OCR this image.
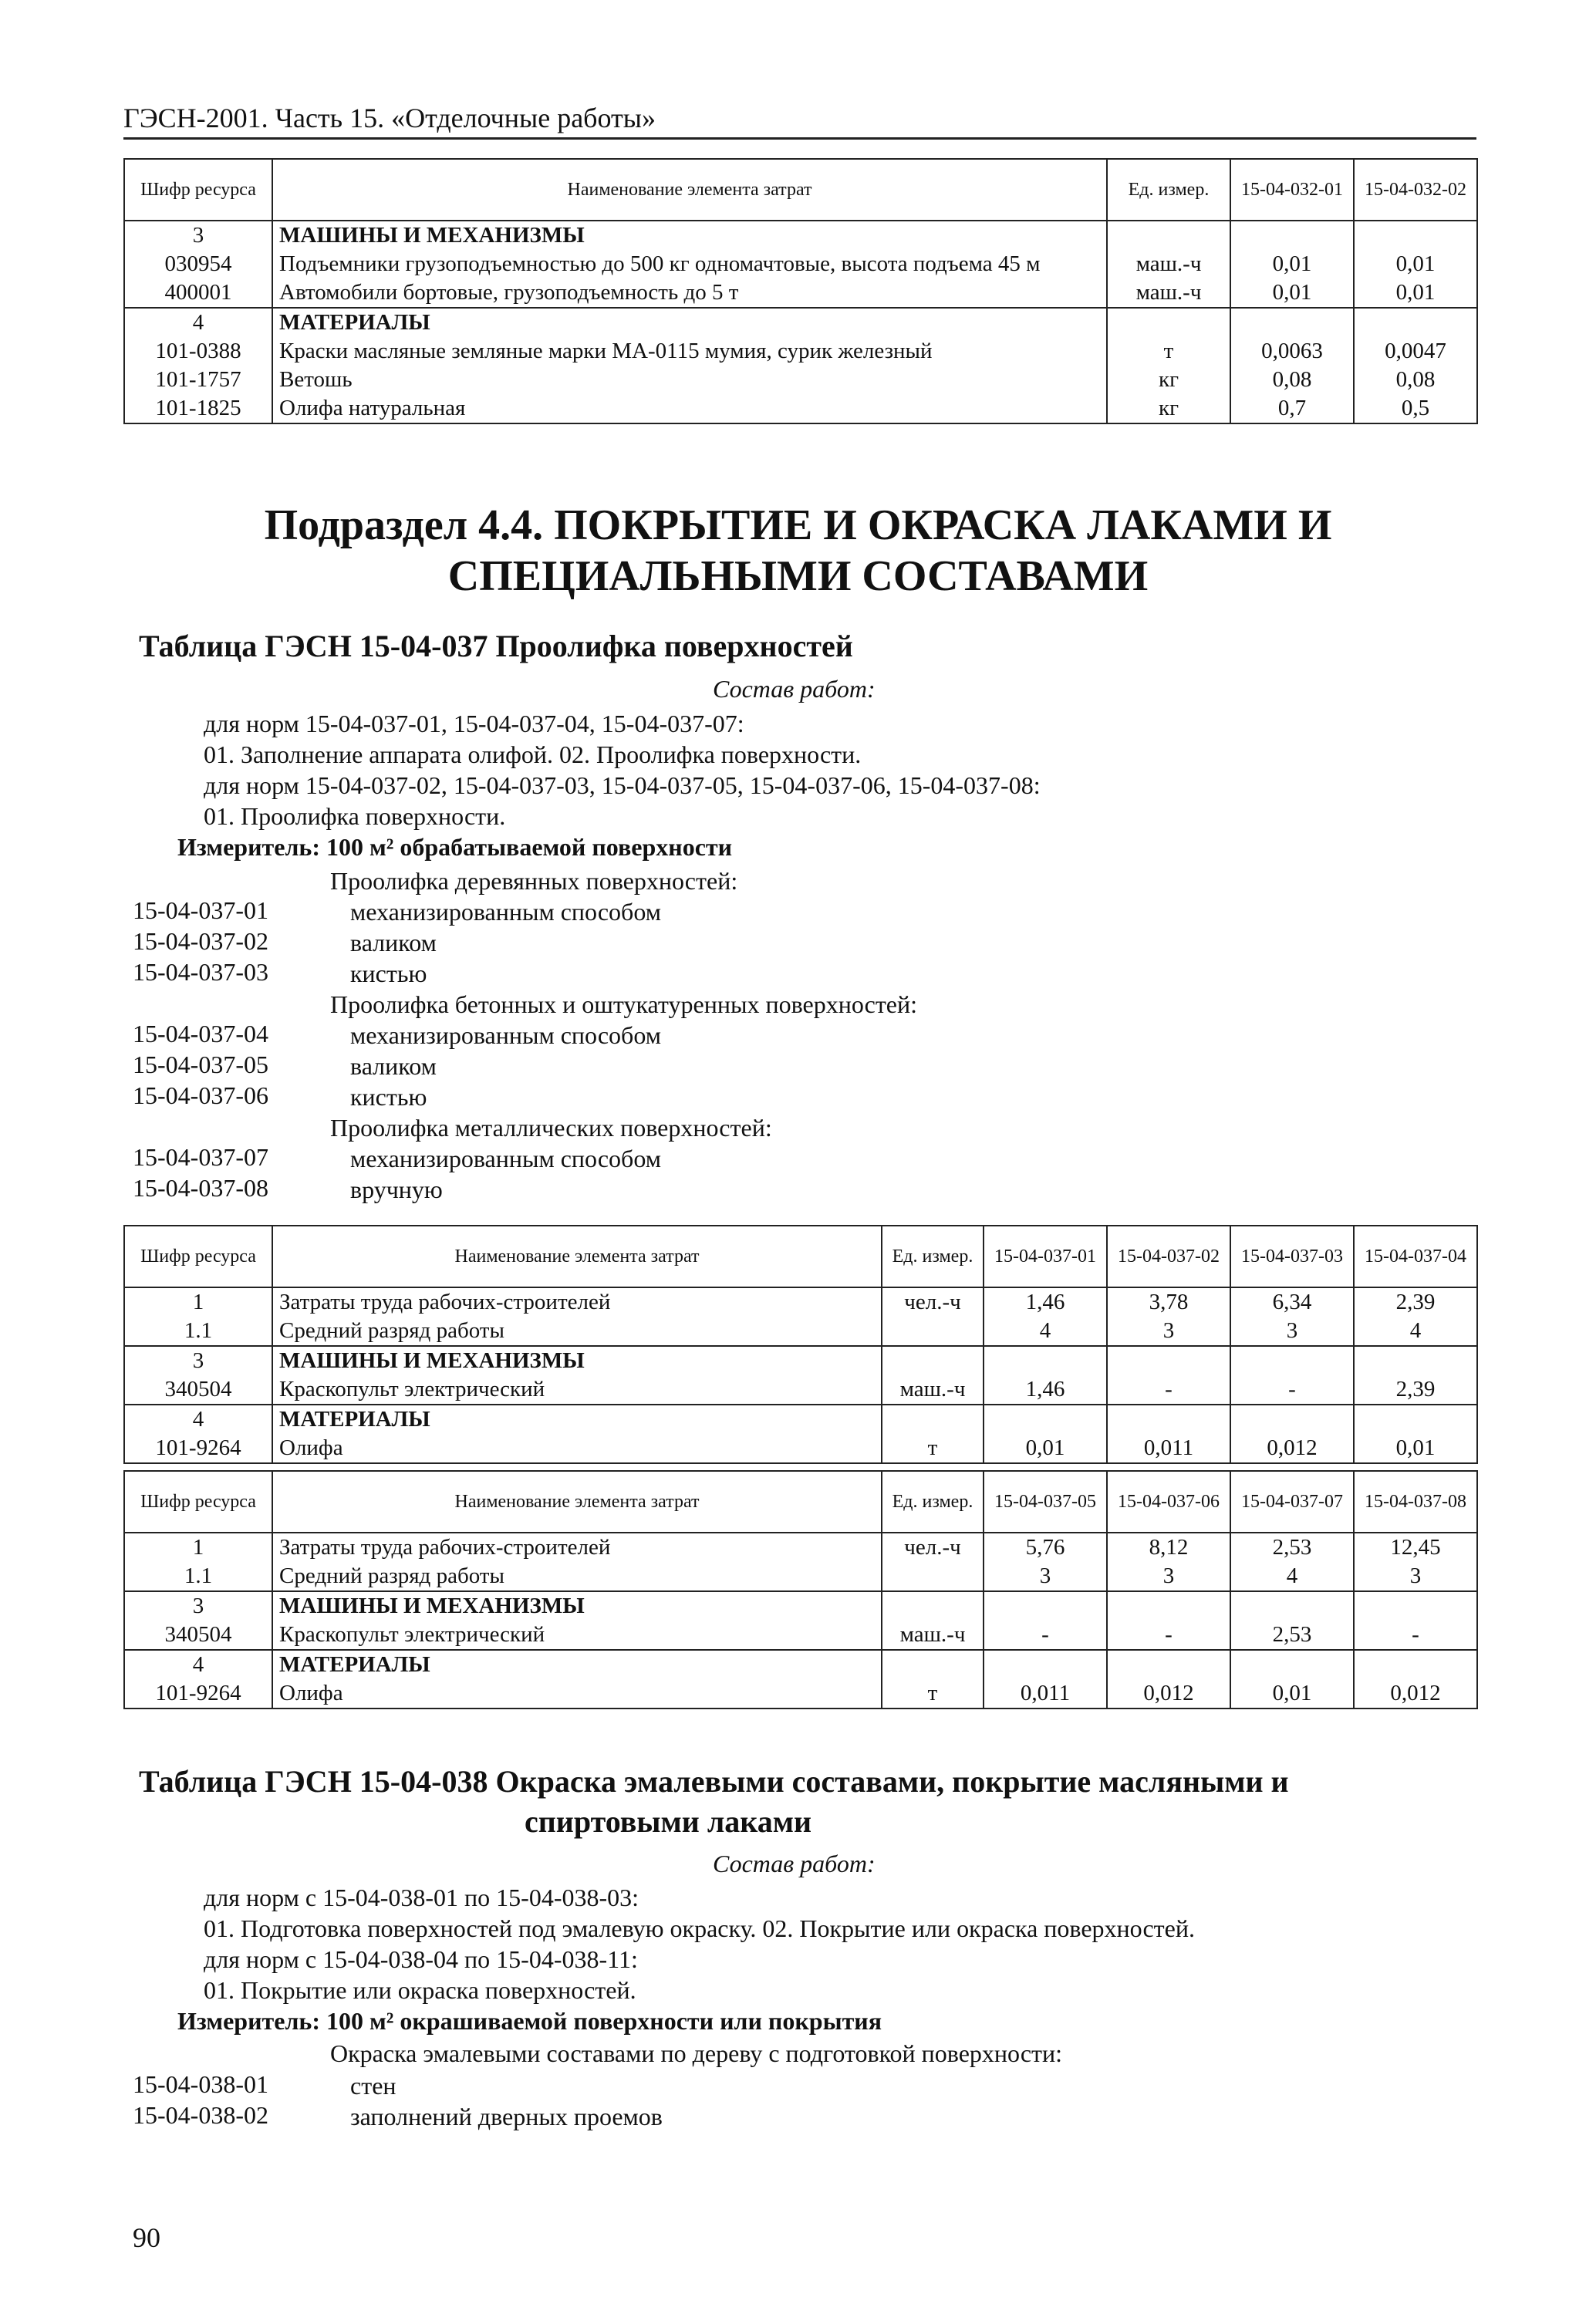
ГЭСН-2001. Часть 15. «Отделочные работы»
Шифр ресурса	Наименование элемента затрат	Ед. измер.	15-04-032-01	15-04-032-02
3	МАШИНЫ И МЕХАНИЗМЫ			
030954	Подъемники грузоподъемностью до 500 кг одномачтовые, высота подъема 45 м	маш.-ч	0,01	0,01
400001	Автомобили бортовые, грузоподъемность до 5 т	маш.-ч	0,01	0,01
4	МАТЕРИАЛЫ			
101-0388	Краски масляные земляные марки МА-0115 мумия, сурик железный	т	0,0063	0,0047
101-1757	Ветошь	кг	0,08	0,08
101-1825	Олифа натуральная	кг	0,7	0,5
Подраздел 4.4. ПОКРЫТИЕ И ОКРАСКА ЛАКАМИ И
СПЕЦИАЛЬНЫМИ СОСТАВАМИ
Таблица ГЭСН 15-04-037 Проолифка поверхностей
Состав работ:
для норм 15-04-037-01, 15-04-037-04, 15-04-037-07:
01. Заполнение аппарата олифой. 02. Проолифка поверхности.
для норм 15-04-037-02, 15-04-037-03, 15-04-037-05, 15-04-037-06, 15-04-037-08:
01. Проолифка поверхности.
Измеритель: 100 м² обрабатываемой поверхности
Проолифка деревянных поверхностей:
15-04-037-01	механизированным способом
15-04-037-02	валиком
15-04-037-03	кистью
Проолифка бетонных и оштукатуренных поверхностей:
15-04-037-04	механизированным способом
15-04-037-05	валиком
15-04-037-06	кистью
Проолифка металлических поверхностей:
15-04-037-07	механизированным способом
15-04-037-08	вручную
Шифр ресурса	Наименование элемента затрат	Ед. измер.	15-04-037-01	15-04-037-02	15-04-037-03	15-04-037-04
1	Затраты труда рабочих-строителей	чел.-ч	1,46	3,78	6,34	2,39
1.1	Средний разряд работы		4	3	3	4
3	МАШИНЫ И МЕХАНИЗМЫ					
340504	Краскопульт электрический	маш.-ч	1,46	-	-	2,39
4	МАТЕРИАЛЫ					
101-9264	Олифа	т	0,01	0,011	0,012	0,01
Шифр ресурса	Наименование элемента затрат	Ед. измер.	15-04-037-05	15-04-037-06	15-04-037-07	15-04-037-08
1	Затраты труда рабочих-строителей	чел.-ч	5,76	8,12	2,53	12,45
1.1	Средний разряд работы		3	3	4	3
3	МАШИНЫ И МЕХАНИЗМЫ					
340504	Краскопульт электрический	маш.-ч	-	-	2,53	-
4	МАТЕРИАЛЫ					
101-9264	Олифа	т	0,011	0,012	0,01	0,012
Таблица ГЭСН 15-04-038 Окраска эмалевыми составами, покрытие масляными и
спиртовыми лаками
Состав работ:
для норм с 15-04-038-01 по 15-04-038-03:
01. Подготовка поверхностей под эмалевую окраску. 02. Покрытие или окраска поверхностей.
для норм с 15-04-038-04 по 15-04-038-11:
01. Покрытие или окраска поверхностей.
Измеритель: 100 м² окрашиваемой поверхности или покрытия
Окраска эмалевыми составами по дереву с подготовкой поверхности:
15-04-038-01	стен
15-04-038-02	заполнений дверных проемов
90
